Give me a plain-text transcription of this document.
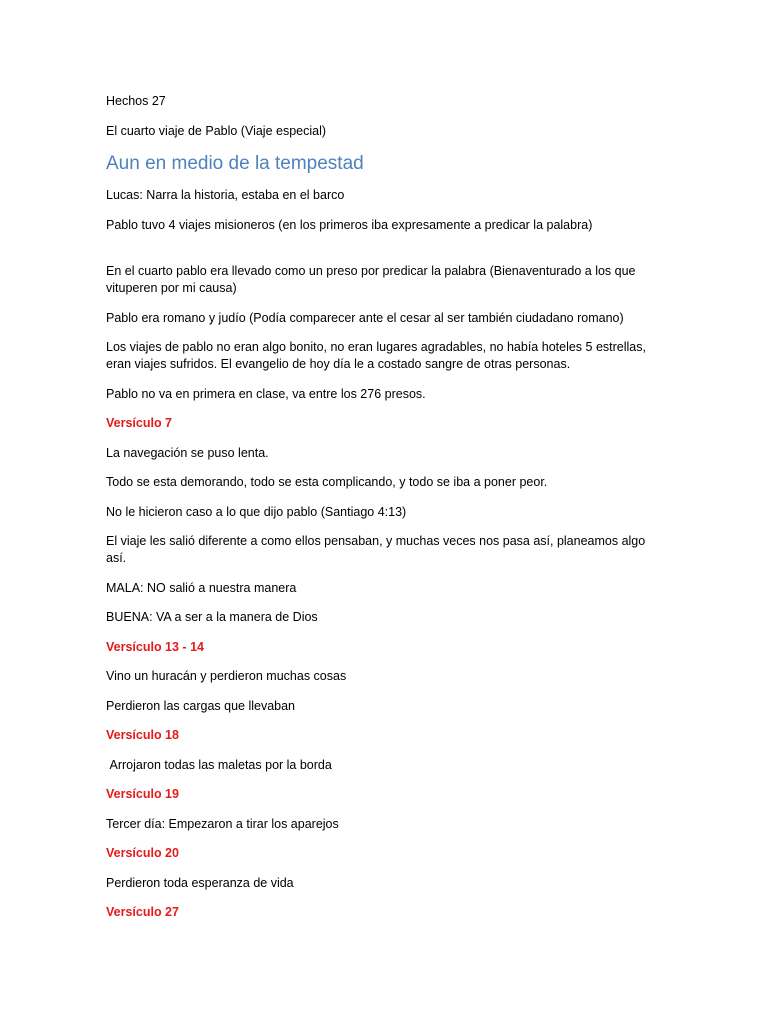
Hechos 27
El cuarto viaje de Pablo (Viaje especial)
Aun en medio de la tempestad
Lucas: Narra la historia, estaba en el barco
Pablo tuvo 4 viajes misioneros (en los primeros iba expresamente a predicar la palabra)
En el cuarto pablo era llevado como un preso por predicar la palabra (Bienaventurado a los que vituperen por mi causa)
Pablo era romano y judío (Podía comparecer ante el cesar al ser también ciudadano romano)
Los viajes de pablo no eran algo bonito, no eran lugares agradables, no había hoteles 5 estrellas, eran viajes sufridos. El evangelio de hoy día le a costado sangre de otras personas.
Pablo no va en primera en clase, va entre los 276 presos.
Versículo 7
La navegación se puso lenta.
Todo se esta demorando, todo se esta complicando, y todo se iba a poner peor.
No le hicieron caso a lo que dijo pablo (Santiago 4:13)
El viaje les salió diferente a como ellos pensaban, y muchas veces nos pasa así, planeamos algo así.
MALA: NO salió a nuestra manera
BUENA: VA a ser a la manera de Dios
Versículo 13 - 14
Vino un huracán y perdieron muchas cosas
Perdieron las cargas que llevaban
Versículo 18
Arrojaron todas las maletas por la borda
Versículo 19
Tercer día: Empezaron a tirar los aparejos
Versículo 20
Perdieron toda esperanza de vida
Versículo 27
